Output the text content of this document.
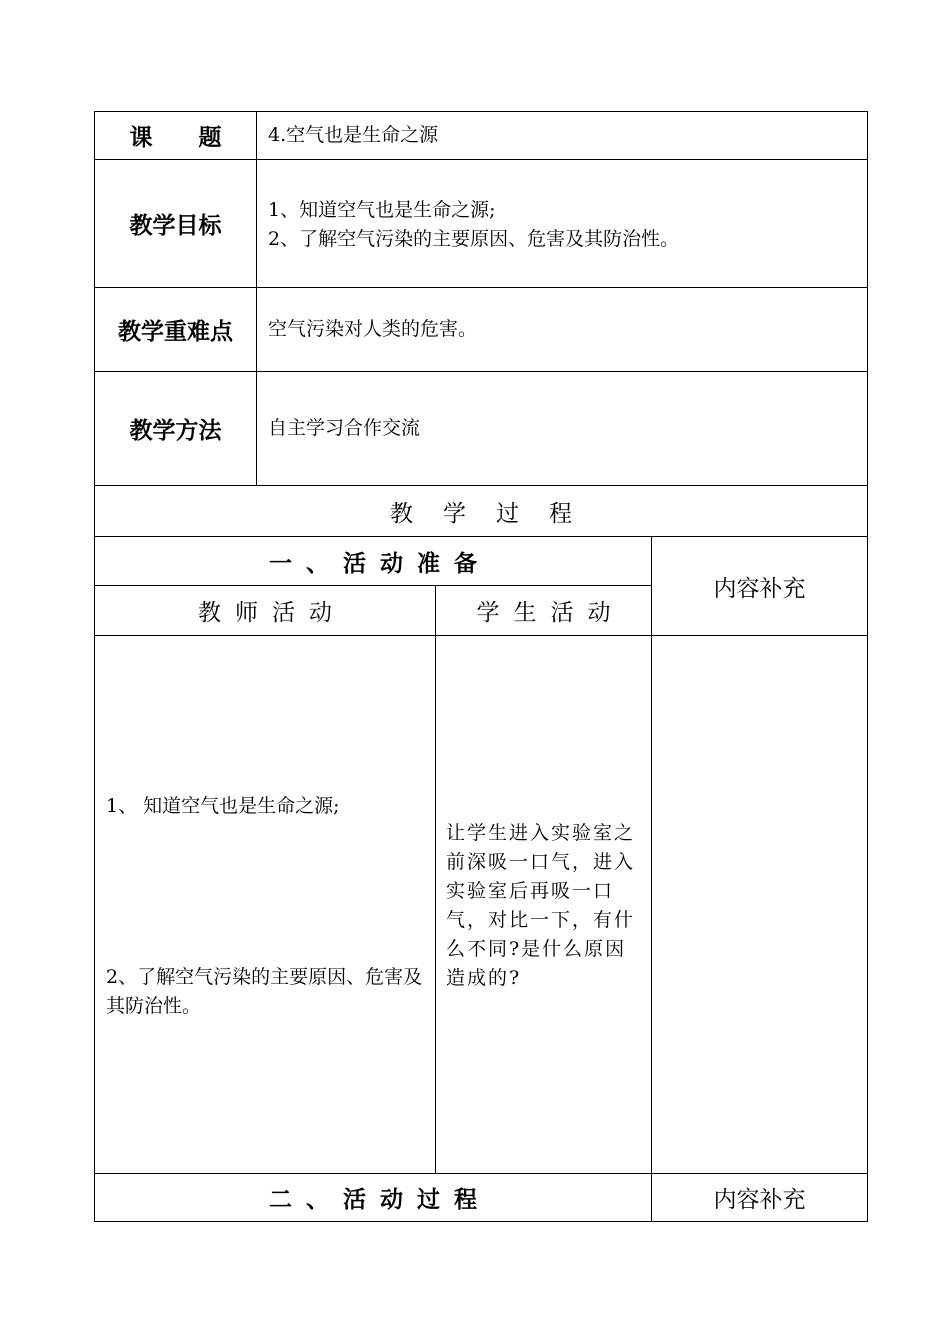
课题 4.空气也是生命之源
教学目标
1、知道空气也是生命之源;
2、了解空气污染的主要原因、危害及其防治性。
教学重难点 空气污染对人类的危害。
教学方法 自主学习合作交流
教学过程
一、活动准备
内容补充
教师活动	学生活动
1、 知道空气也是生命之源;
2、了解空气污染的主要原因、危害及其防治性。
让学生进入实验室之前深吸一口气，进入实验室后再吸一口气，对比一下，有什么不同?是什么原因造成的?
二、活动过程	内容补充
